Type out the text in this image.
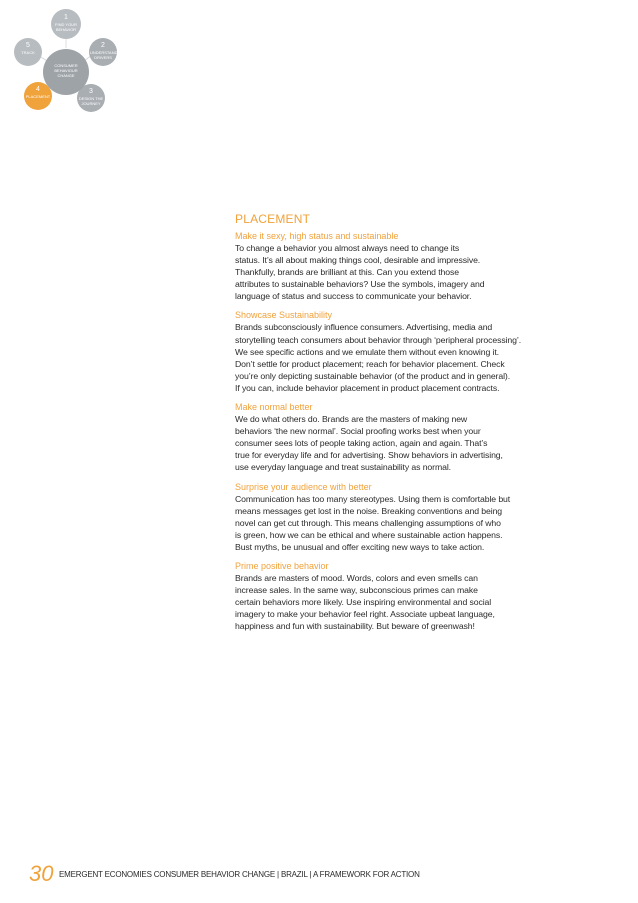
1
FIND YOUR BEHAVIOR
2
UNDERSTAND DRIVERS
3
DESIGN THE JOURNEY
4
PLACEMENT
5
TRACK
CONSUMER BEHAVIOUR CHANGE
PLACEMENT

Make it sexy, high status and sustainable

To change a behavior you almost always need to change its
status. It’s all about making things cool, desirable and impressive.
Thankfully, brands are brilliant at this. Can you extend those
attributes to sustainable behaviors? Use the symbols, imagery and
language of status and success to communicate your behavior.

Showcase Sustainability

Brands subconsciously influence consumers. Advertising, media and
storytelling teach consumers about behavior through ‘peripheral processing’.
We see specific actions and we emulate them without even knowing it.
Don’t settle for product placement; reach for behavior placement. Check
you’re only depicting sustainable behavior (of the product and in general).
If you can, include behavior placement in product placement contracts.

Make normal better

We do what others do. Brands are the masters of making new
behaviors ‘the new normal’. Social proofing works best when your
consumer sees lots of people taking action, again and again. That’s
true for everyday life and for advertising. Show behaviors in advertising,
use everyday language and treat sustainability as normal.

Surprise your audience with better

Communication has too many stereotypes. Using them is comfortable but
means messages get lost in the noise. Breaking conventions and being
novel can get cut through. This means challenging assumptions of who
is green, how we can be ethical and where sustainable action happens.
Bust myths, be unusual and offer exciting new ways to take action.

Prime positive behavior

Brands are masters of mood. Words, colors and even smells can
increase sales. In the same way, subconscious primes can make
certain behaviors more likely. Use inspiring environmental and social
imagery to make your behavior feel right. Associate upbeat language,
happiness and fun with sustainability. But beware of greenwash!

30 EMERGENT ECONOMIES CONSUMER BEHAVIOR CHANGE | BRAZIL | A FRAMEWORK FOR ACTION
